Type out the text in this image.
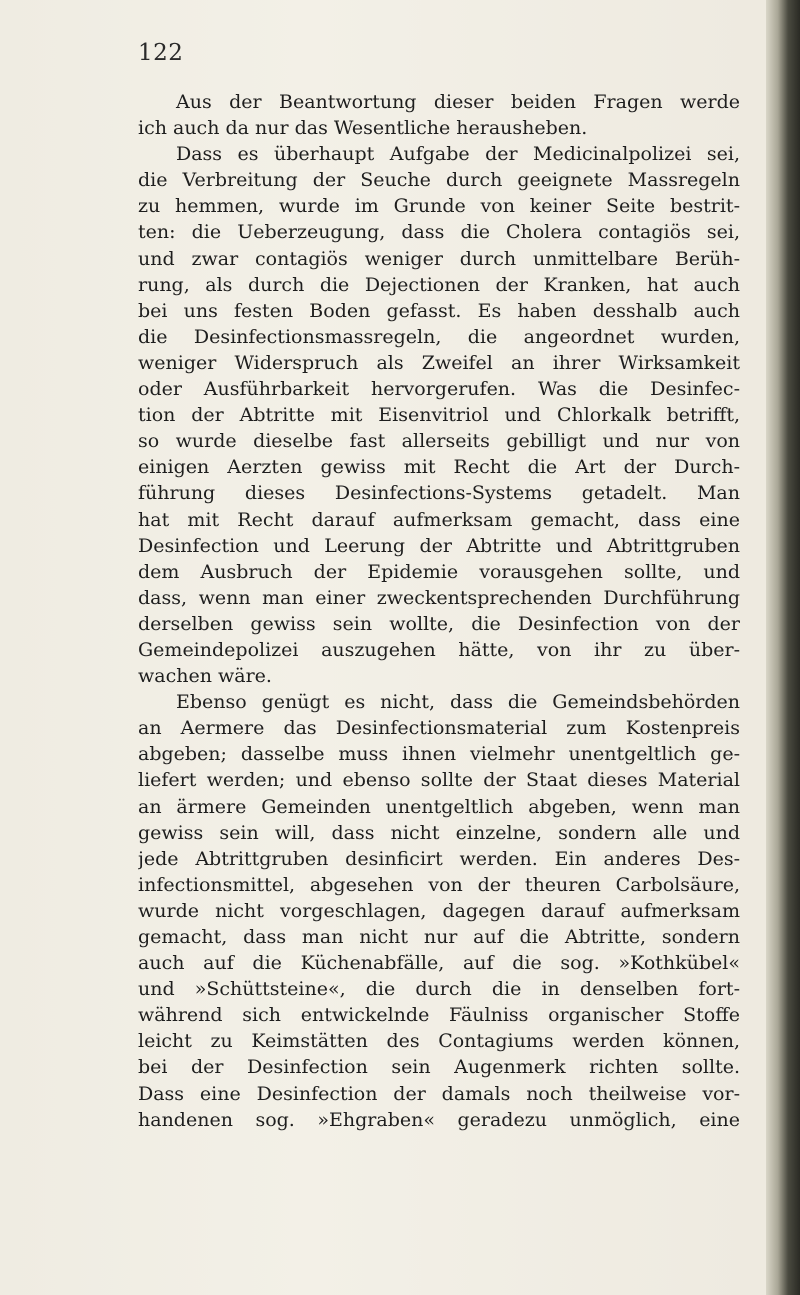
122
Aus der Beantwortung dieser beiden Fragen werde
ich auch da nur das Wesentliche herausheben.
Dass es überhaupt Aufgabe der Medicinalpolizei sei,
die Verbreitung der Seuche durch geeignete Massregeln
zu hemmen, wurde im Grunde von keiner Seite bestrit-
ten: die Ueberzeugung, dass die Cholera contagiös sei,
und zwar contagiös weniger durch unmittelbare Berüh-
rung, als durch die Dejectionen der Kranken, hat auch
bei uns festen Boden gefasst. Es haben desshalb auch
die Desinfectionsmassregeln, die angeordnet wurden,
weniger Widerspruch als Zweifel an ihrer Wirksamkeit
oder Ausführbarkeit hervorgerufen. Was die Desinfec-
tion der Abtritte mit Eisenvitriol und Chlorkalk betrifft,
so wurde dieselbe fast allerseits gebilligt und nur von
einigen Aerzten gewiss mit Recht die Art der Durch-
führung dieses Desinfections-Systems getadelt. Man
hat mit Recht darauf aufmerksam gemacht, dass eine
Desinfection und Leerung der Abtritte und Abtrittgruben
dem Ausbruch der Epidemie vorausgehen sollte, und
dass, wenn man einer zweckentsprechenden Durchführung
derselben gewiss sein wollte, die Desinfection von der
Gemeindepolizei auszugehen hätte, von ihr zu über-
wachen wäre.
Ebenso genügt es nicht, dass die Gemeindsbehörden
an Aermere das Desinfectionsmaterial zum Kostenpreis
abgeben; dasselbe muss ihnen vielmehr unentgeltlich ge-
liefert werden; und ebenso sollte der Staat dieses Material
an ärmere Gemeinden unentgeltlich abgeben, wenn man
gewiss sein will, dass nicht einzelne, sondern alle und
jede Abtrittgruben desinficirt werden. Ein anderes Des-
infectionsmittel, abgesehen von der theuren Carbolsäure,
wurde nicht vorgeschlagen, dagegen darauf aufmerksam
gemacht, dass man nicht nur auf die Abtritte, sondern
auch auf die Küchenabfälle, auf die sog. »Kothkübel«
und »Schüttsteine«, die durch die in denselben fort-
während sich entwickelnde Fäulniss organischer Stoffe
leicht zu Keimstätten des Contagiums werden können,
bei der Desinfection sein Augenmerk richten sollte.
Dass eine Desinfection der damals noch theilweise vor-
handenen sog. »Ehgraben« geradezu unmöglich, eine
